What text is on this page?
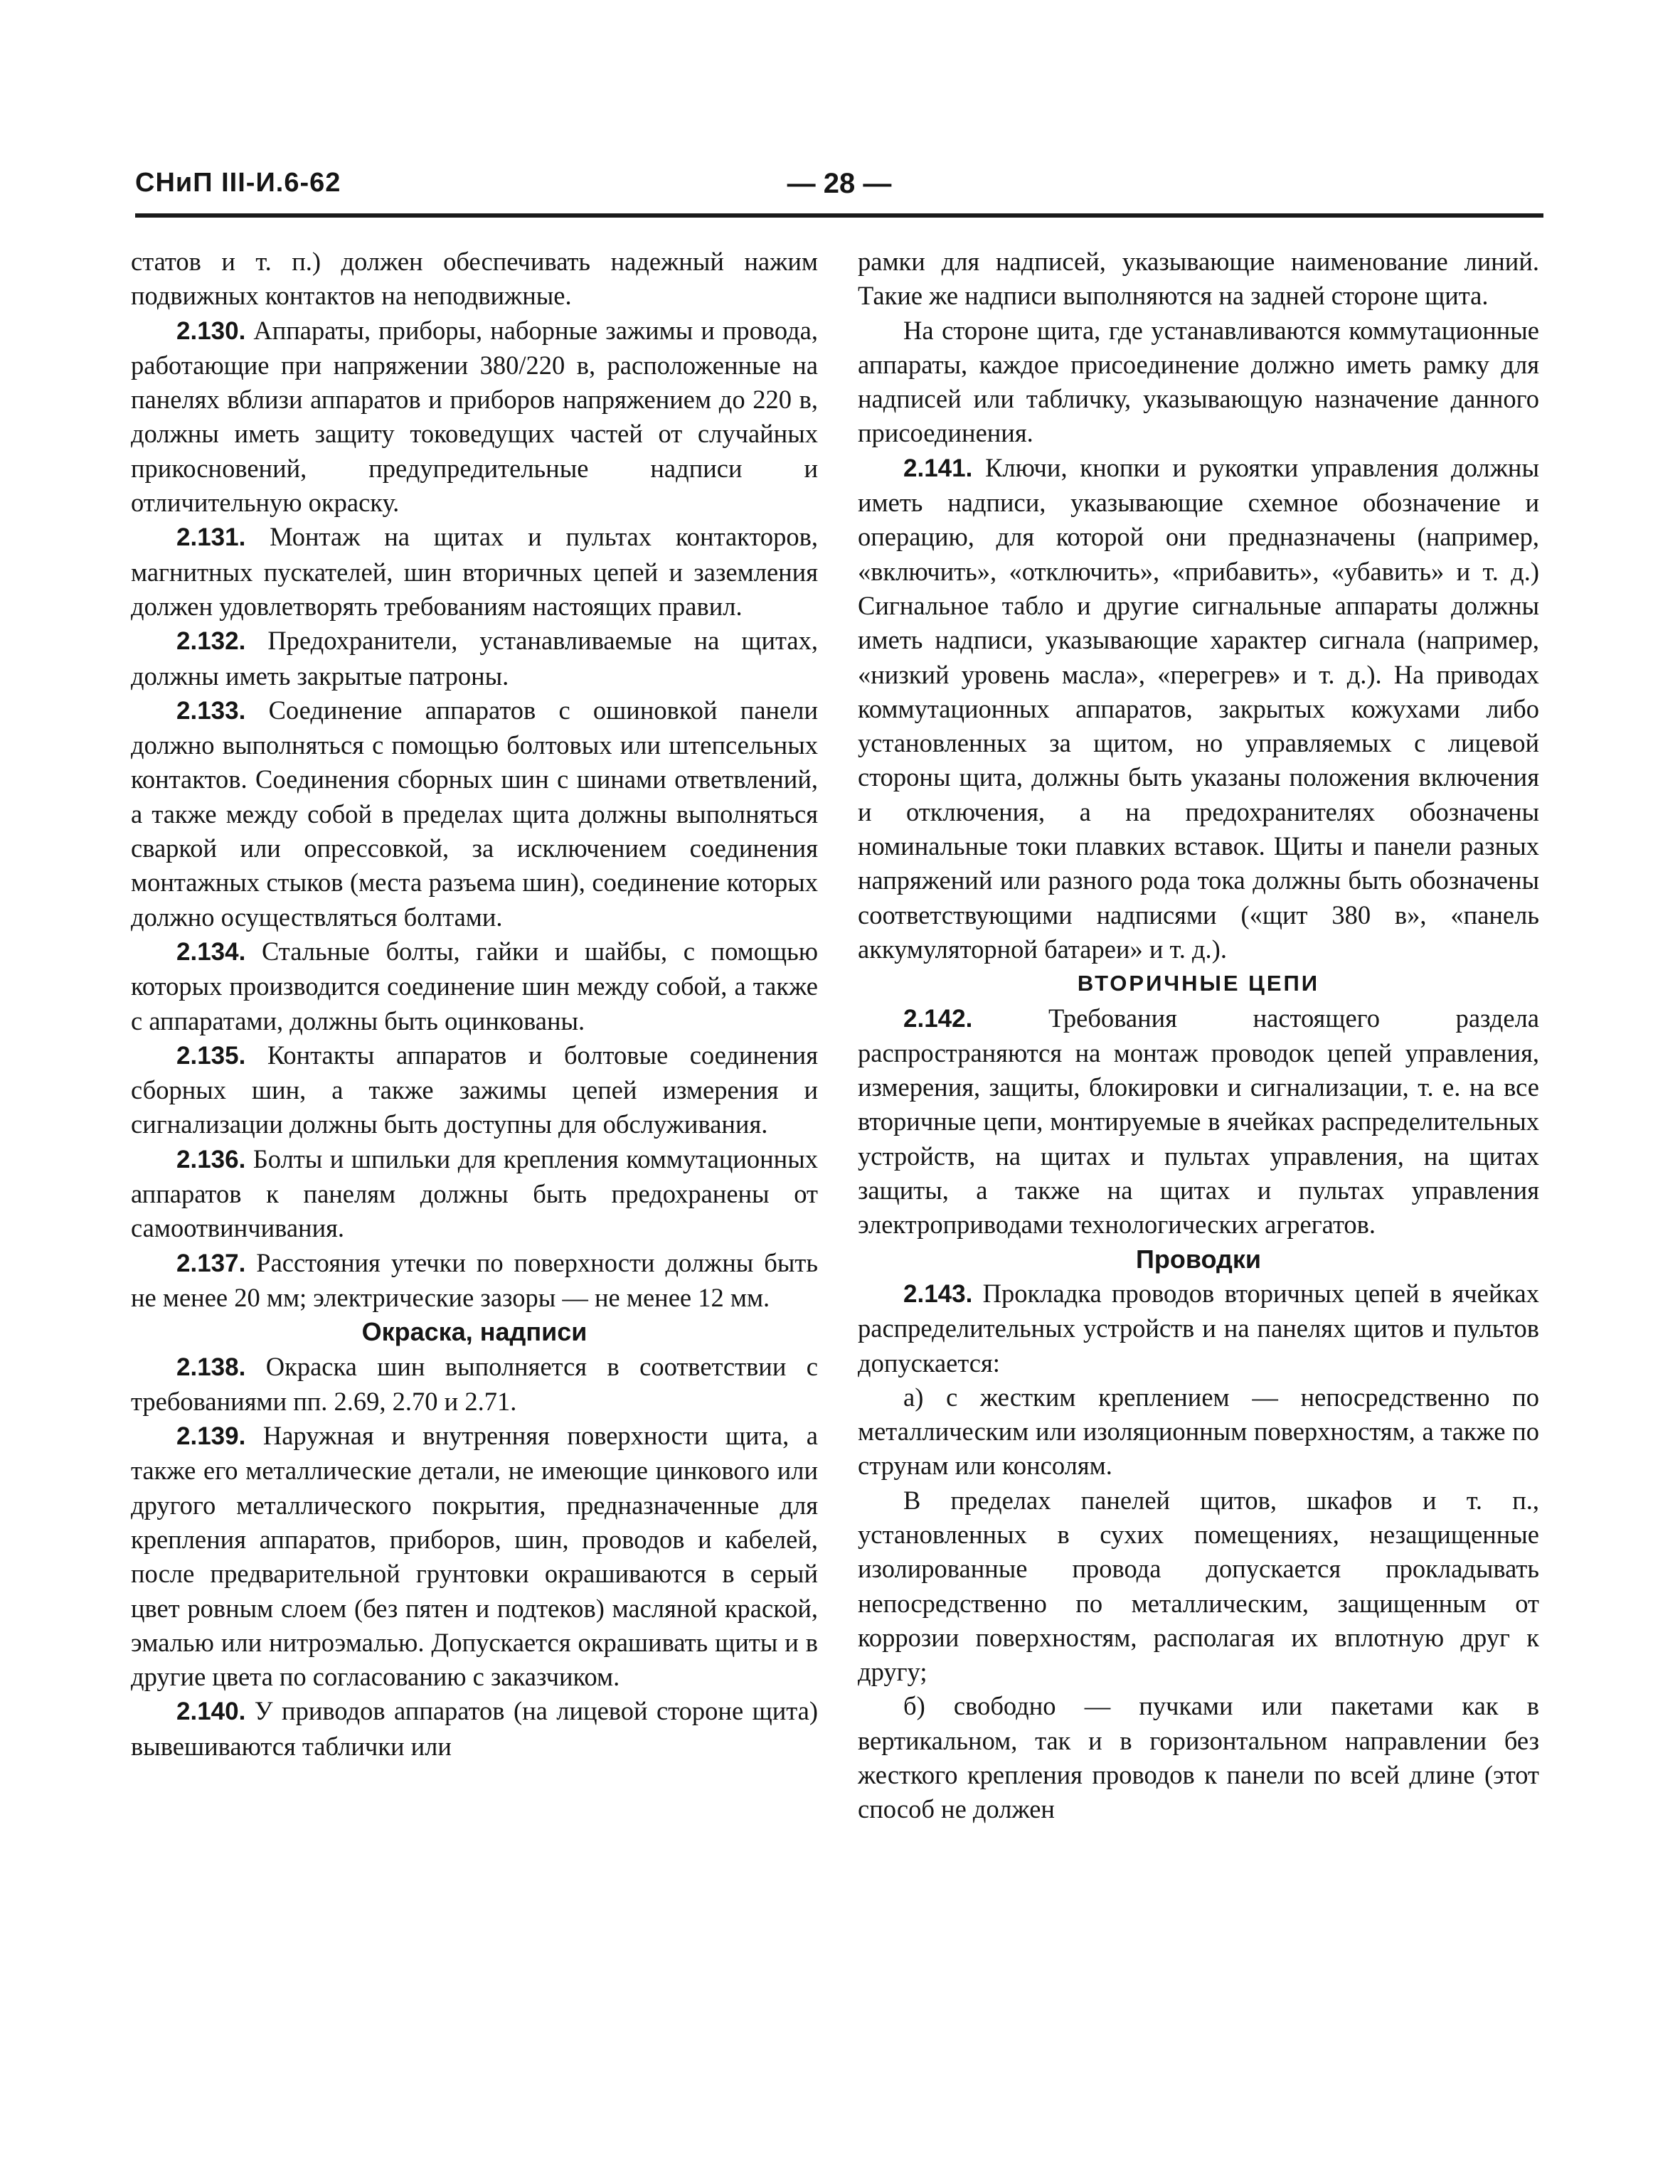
СНиП III-И.6-62	— 28 —

статов и т. п.) должен обеспечивать надежный нажим подвижных контактов на неподвижные.

2.130. Аппараты, приборы, наборные зажимы и провода, работающие при напряжении 380/220 в, расположенные на панелях вблизи аппаратов и приборов напряжением до 220 в, должны иметь защиту токоведущих частей от случайных прикосновений, предупредительные надписи и отличительную окраску.

2.131. Монтаж на щитах и пультах контакторов, магнитных пускателей, шин вторичных цепей и заземления должен удовлетворять требованиям настоящих правил.

2.132. Предохранители, устанавливаемые на щитах, должны иметь закрытые патроны.

2.133. Соединение аппаратов с ошиновкой панели должно выполняться с помощью болтовых или штепсельных контактов. Соединения сборных шин с шинами ответвлений, а также между собой в пределах щита должны выполняться сваркой или опрессовкой, за исключением соединения монтажных стыков (места разъема шин), соединение которых должно осуществляться болтами.

2.134. Стальные болты, гайки и шайбы, с помощью которых производится соединение шин между собой, а также с аппаратами, должны быть оцинкованы.

2.135. Контакты аппаратов и болтовые соединения сборных шин, а также зажимы цепей измерения и сигнализации должны быть доступны для обслуживания.

2.136. Болты и шпильки для крепления коммутационных аппаратов к панелям должны быть предохранены от самоотвинчивания.

2.137. Расстояния утечки по поверхности должны быть не менее 20 мм; электрические зазоры — не менее 12 мм.

Окраска, надписи

2.138. Окраска шин выполняется в соответствии с требованиями пп. 2.69, 2.70 и 2.71.

2.139. Наружная и внутренняя поверхности щита, а также его металлические детали, не имеющие цинкового или другого металлического покрытия, предназначенные для крепления аппаратов, приборов, шин, проводов и кабелей, после предварительной грунтовки окрашиваются в серый цвет ровным слоем (без пятен и подтеков) масляной краской, эмалью или нитроэмалью. Допускается окрашивать щиты и в другие цвета по согласованию с заказчиком.

2.140. У приводов аппаратов (на лицевой стороне щита) вывешиваются таблички или

рамки для надписей, указывающие наименование линий. Такие же надписи выполняются на задней стороне щита.

На стороне щита, где устанавливаются коммутационные аппараты, каждое присоединение должно иметь рамку для надписей или табличку, указывающую назначение данного присоединения.

2.141. Ключи, кнопки и рукоятки управления должны иметь надписи, указывающие схемное обозначение и операцию, для которой они предназначены (например, «включить», «отключить», «прибавить», «убавить» и т. д.) Сигнальное табло и другие сигнальные аппараты должны иметь надписи, указывающие характер сигнала (например, «низкий уровень масла», «перегрев» и т. д.). На приводах коммутационных аппаратов, закрытых кожухами либо установленных за щитом, но управляемых с лицевой стороны щита, должны быть указаны положения включения и отключения, а на предохранителях обозначены номинальные токи плавких вставок. Щиты и панели разных напряжений или разного рода тока должны быть обозначены соответствующими надписями («щит 380 в», «панель аккумуляторной батареи» и т. д.).

ВТОРИЧНЫЕ ЦЕПИ

2.142. Требования настоящего раздела распространяются на монтаж проводок цепей управления, измерения, защиты, блокировки и сигнализации, т. е. на все вторичные цепи, монтируемые в ячейках распределительных устройств, на щитах и пультах управления, на щитах защиты, а также на щитах и пультах управления электроприводами технологических агрегатов.

Проводки

2.143. Прокладка проводов вторичных цепей в ячейках распределительных устройств и на панелях щитов и пультов допускается:

а) с жестким креплением — непосредственно по металлическим или изоляционным поверхностям, а также по струнам или консолям.

В пределах панелей щитов, шкафов и т. п., установленных в сухих помещениях, незащищенные изолированные провода допускается прокладывать непосредственно по металлическим, защищенным от коррозии поверхностям, располагая их вплотную друг к другу;

б) свободно — пучками или пакетами как в вертикальном, так и в горизонтальном направлении без жесткого крепления проводов к панели по всей длине (этот способ не должен
